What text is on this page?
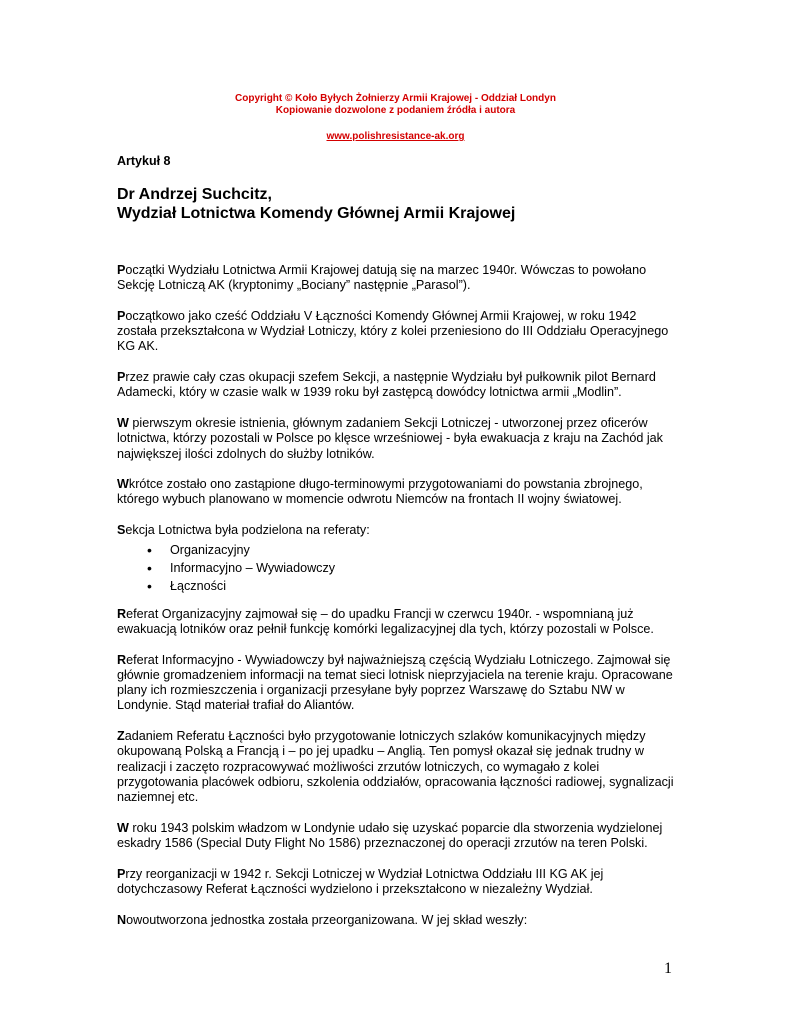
Copyright © Koło Byłych Żołnierzy Armii Krajowej - Oddział Londyn
Kopiowanie dozwolone z podaniem źródła i autora
www.polishresistance-ak.org
Artykuł 8
Dr Andrzej Suchcitz,
Wydział Lotnictwa Komendy Głównej Armii Krajowej

Początki Wydziału Lotnictwa Armii Krajowej datują się na marzec 1940r. Wówczas to powołano Sekcję Lotniczą AK (kryptonimy „Bociany” następnie „Parasol”).

Początkowo jako cześć Oddziału V Łączności Komendy Głównej Armii Krajowej, w roku 1942 została przekształcona w Wydział Lotniczy, który z kolei przeniesiono do III Oddziału Operacyjnego KG AK.

Przez prawie cały czas okupacji szefem Sekcji, a następnie Wydziału był pułkownik pilot Bernard Adamecki, który w czasie walk w 1939 roku był zastępcą dowódcy lotnictwa armii „Modlin”.

W pierwszym okresie istnienia, głównym zadaniem Sekcji Lotniczej - utworzonej przez oficerów lotnictwa, którzy pozostali w Polsce po klęsce wrześniowej - była ewakuacja z kraju na Zachód jak największej ilości zdolnych do służby lotników.

Wkrótce zostało ono zastąpione długo-terminowymi przygotowaniami do powstania zbrojnego, którego wybuch planowano w momencie odwrotu Niemców na frontach II wojny światowej.

Sekcja Lotnictwa była podzielona na referaty:

• Organizacyjny
• Informacyjno – Wywiadowczy
• Łączności

Referat Organizacyjny zajmował się – do upadku Francji w czerwcu 1940r. - wspomnianą już ewakuacją lotników oraz pełnił funkcję komórki legalizacyjnej dla tych, którzy pozostali w Polsce.

Referat Informacyjno - Wywiadowczy był najważniejszą częścią Wydziału Lotniczego. Zajmował się głównie gromadzeniem informacji na temat sieci lotnisk nieprzyjaciela na terenie kraju. Opracowane plany ich rozmieszczenia i organizacji przesyłane były poprzez Warszawę do Sztabu NW w Londynie. Stąd materiał trafiał do Aliantów.

Zadaniem Referatu Łączności było przygotowanie lotniczych szlaków komunikacyjnych między okupowaną Polską a Francją i – po jej upadku – Anglią. Ten pomysł okazał się jednak trudny w realizacji i zaczęto rozpracowywać możliwości zrzutów lotniczych, co wymagało z kolei przygotowania placówek odbioru, szkolenia oddziałów, opracowania łączności radiowej, sygnalizacji naziemnej etc.

W roku 1943 polskim władzom w Londynie udało się uzyskać poparcie dla stworzenia wydzielonej eskadry 1586 (Special Duty Flight No 1586) przeznaczonej do operacji zrzutów na teren Polski.

Przy reorganizacji w 1942 r. Sekcji Lotniczej w Wydział Lotnictwa Oddziału III KG AK jej dotychczasowy Referat Łączności wydzielono i przekształcono w niezależny Wydział.

Nowoutworzona jednostka została przeorganizowana. W jej skład weszły:

1
